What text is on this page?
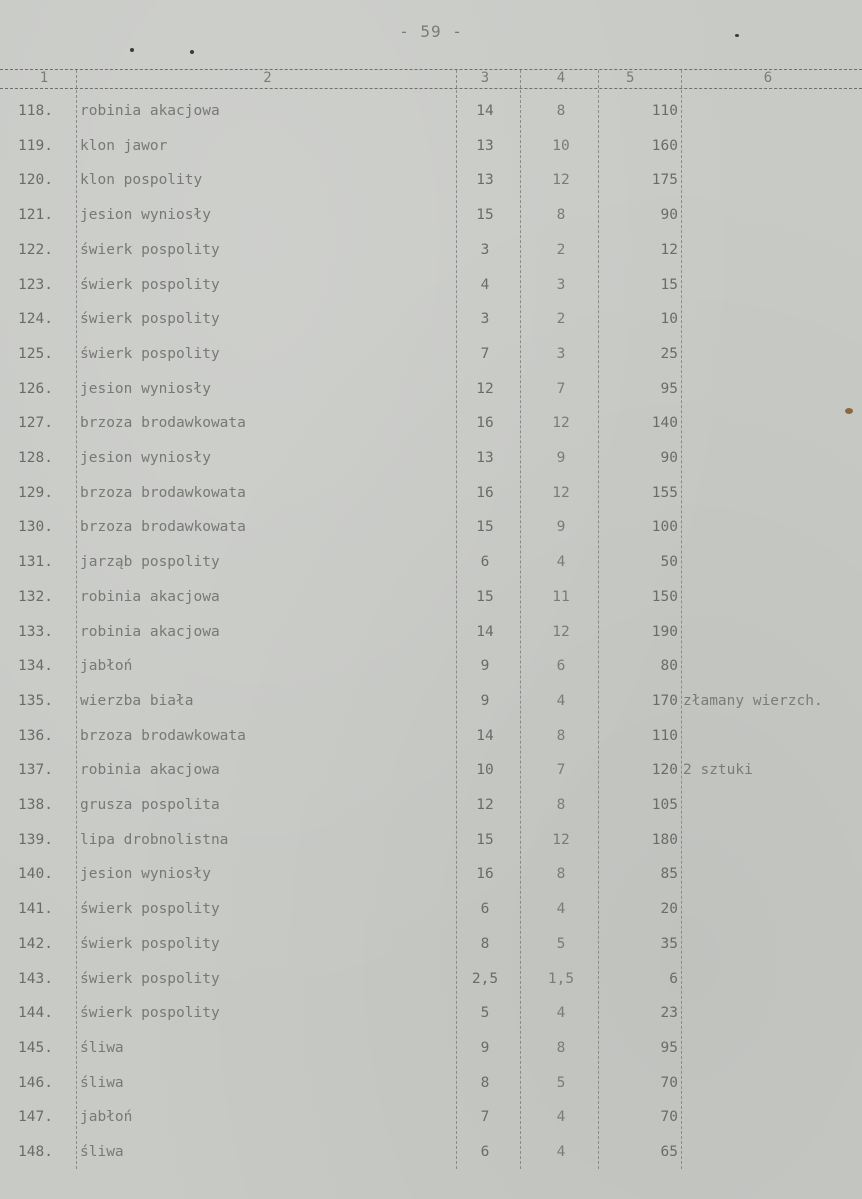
- 59 -
1	2	3	4	5	6
118.	robinia akacjowa	14	8	110
119.	klon jawor	13	10	160
120.	klon pospolity	13	12	175
121.	jesion wyniosły	15	8	90
122.	świerk pospolity	3	2	12
123.	świerk pospolity	4	3	15
124.	świerk pospolity	3	2	10
125.	świerk pospolity	7	3	25
126.	jesion wyniosły	12	7	95
127.	brzoza brodawkowata	16	12	140
128.	jesion wyniosły	13	9	90
129.	brzoza brodawkowata	16	12	155
130.	brzoza brodawkowata	15	9	100
131.	jarząb pospolity	6	4	50
132.	robinia akacjowa	15	11	150
133.	robinia akacjowa	14	12	190
134.	jabłoń	9	6	80
135.	wierzba biała	9	4	170 złamany wierzch.
136.	brzoza brodawkowata	14	8	110
137.	robinia akacjowa	10	7	120 2 sztuki
138.	grusza pospolita	12	8	105
139.	lipa drobnolistna	15	12	180
140.	jesion wyniosły	16	8	85
141.	świerk pospolity	6	4	20
142.	świerk pospolity	8	5	35
143.	świerk pospolity	2,5	1,5	6
144.	świerk pospolity	5	4	23
145.	śliwa	9	8	95
146.	śliwa	8	5	70
147.	jabłoń	7	4	70
148.	śliwa	6	4	65
